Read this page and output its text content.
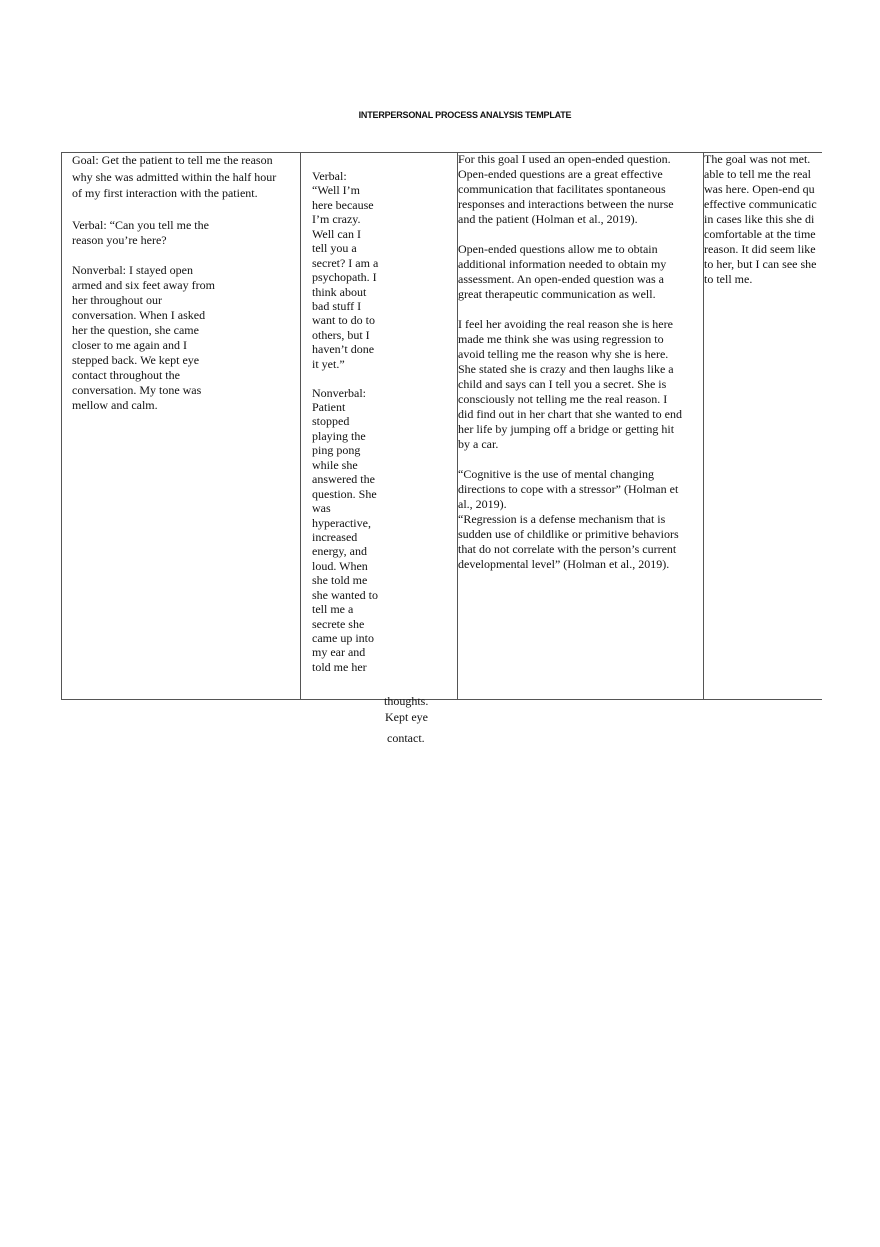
INTERPERSONAL PROCESS ANALYSIS TEMPLATE
Goal: Get the patient to tell me the reason
why she was admitted within the half hour
of my first interaction with the patient.
Verbal: “Can you tell me the
reason you’re here?
Nonverbal: I stayed open
armed and six feet away from
her throughout our
conversation. When I asked
her the question, she came
closer to me again and I
stepped back. We kept eye
contact throughout the
conversation. My tone was
mellow and calm.
Verbal:
“Well I’m
here because
I’m crazy.
Well can I
tell you a
secret? I am a
psychopath. I
think about
bad stuff I
want to do to
others, but I
haven’t done
it yet.”
Nonverbal:
Patient
stopped
playing the
ping pong
while she
answered the
question. She
was
hyperactive,
increased
energy, and
loud. When
she told me
she wanted to
tell me a
secrete she
came up into
my ear and
told me her
For this goal I used an open-ended question.
Open-ended questions are a great effective
communication that facilitates spontaneous
responses and interactions between the nurse
and the patient (Holman et al., 2019).
Open-ended questions allow me to obtain
additional information needed to obtain my
assessment. An open-ended question was a
great therapeutic communication as well.
I feel her avoiding the real reason she is here
made me think she was using regression to
avoid telling me the reason why she is here.
She stated she is crazy and then laughs like a
child and says can I tell you a secret. She is
consciously not telling me the real reason. I
did find out in her chart that she wanted to end
her life by jumping off a bridge or getting hit
by a car.
“Cognitive is the use of mental changing
directions to cope with a stressor” (Holman et
al., 2019).
“Regression is a defense mechanism that is
sudden use of childlike or primitive behaviors
that do not correlate with the person’s current
developmental level” (Holman et al., 2019).
The goal was not met.
able to tell me the real
was here. Open-end qu
effective communicatic
in cases like this she di
comfortable at the time
reason. It did seem like
to her, but I can see she
to tell me.
thoughts.
Kept eye
contact.
